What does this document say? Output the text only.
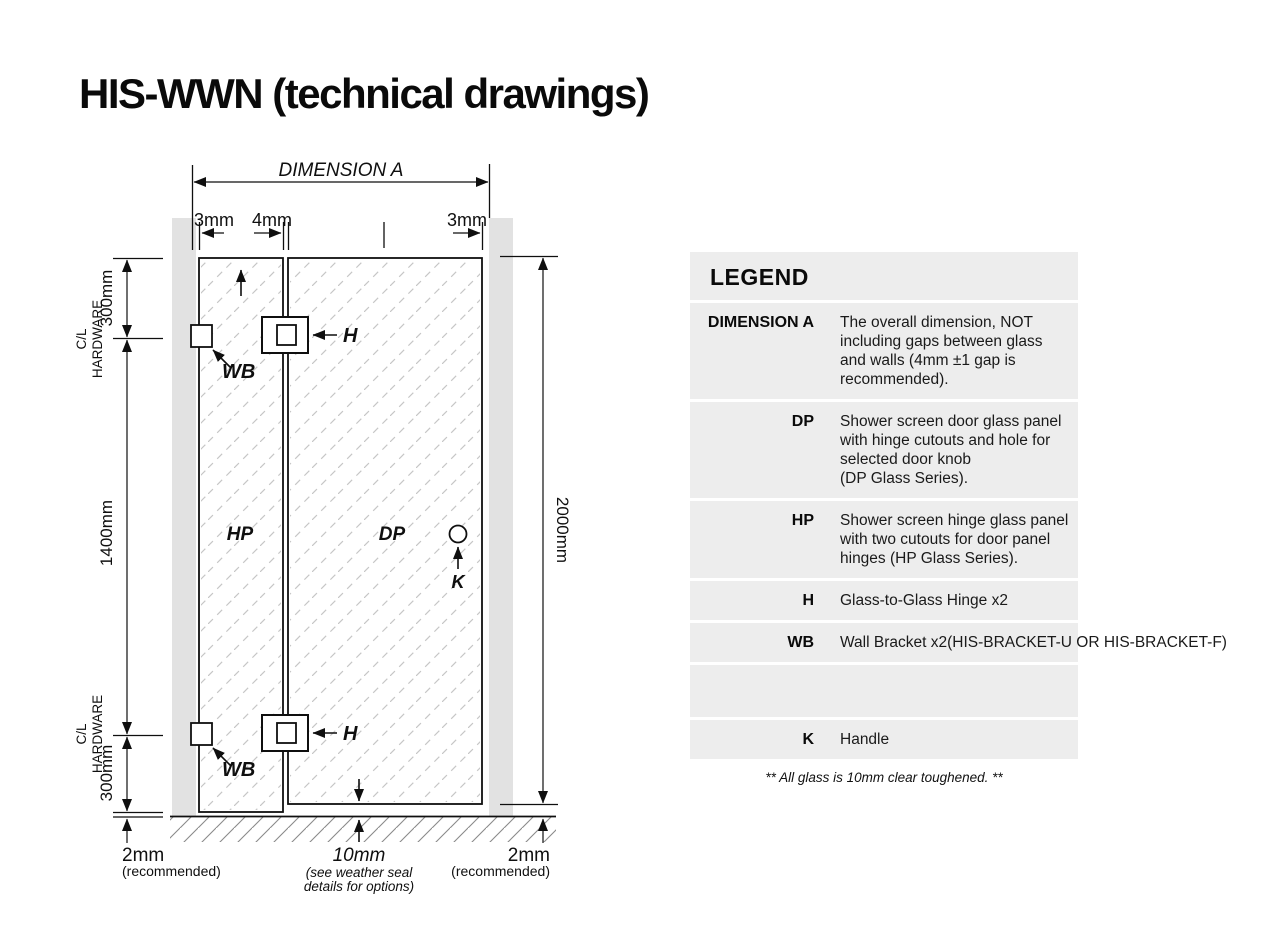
HIS-WWN (technical drawings)
DIMENSION A
3mm 4mm	3mm
300mm
C/L HARDWARE
1400mm
C/L HARDWARE
300mm
2000mm
HP	DP
H
H
WB
WB
K
2mm
(recommended)
10mm
(see weather seal
details for options)
2mm
(recommended)
LEGEND
DIMENSION A The overall dimension, NOT
including gaps between glass
and walls (4mm ±1 gap is
recommended).
DP Shower screen door glass panel
with hinge cutouts and hole for
selected door knob
(DP Glass Series).
HP Shower screen hinge glass panel
with two cutouts for door panel
hinges (HP Glass Series).
H Glass-to-Glass Hinge x2
WB Wall Bracket x2(HIS-BRACKET-U OR HIS-BRACKET-F)
K Handle
** All glass is 10mm clear toughened. **
